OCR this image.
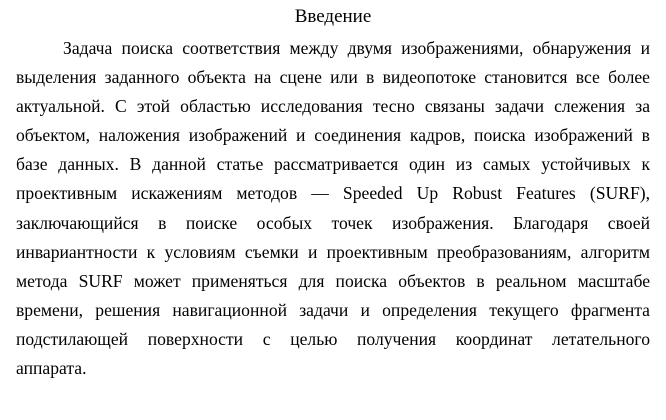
Введение
Задача поиска соответствия между двумя изображениями, обнаружения и
выделения заданного объекта на сцене или в видеопотоке становится все более
актуальной. С этой областью исследования тесно связаны задачи слежения за
объектом, наложения изображений и соединения кадров, поиска изображений в
базе данных. В данной статье рассматривается один из самых устойчивых к
проективным искажениям методов — Speeded Up Robust Features (SURF),
заключающийся в поиске особых точек изображения. Благодаря своей
инвариантности к условиям съемки и проективным преобразованиям, алгоритм
метода SURF может применяться для поиска объектов в реальном масштабе
времени, решения навигационной задачи и определения текущего фрагмента
подстилающей поверхности с целью получения координат летательного
аппарата.
